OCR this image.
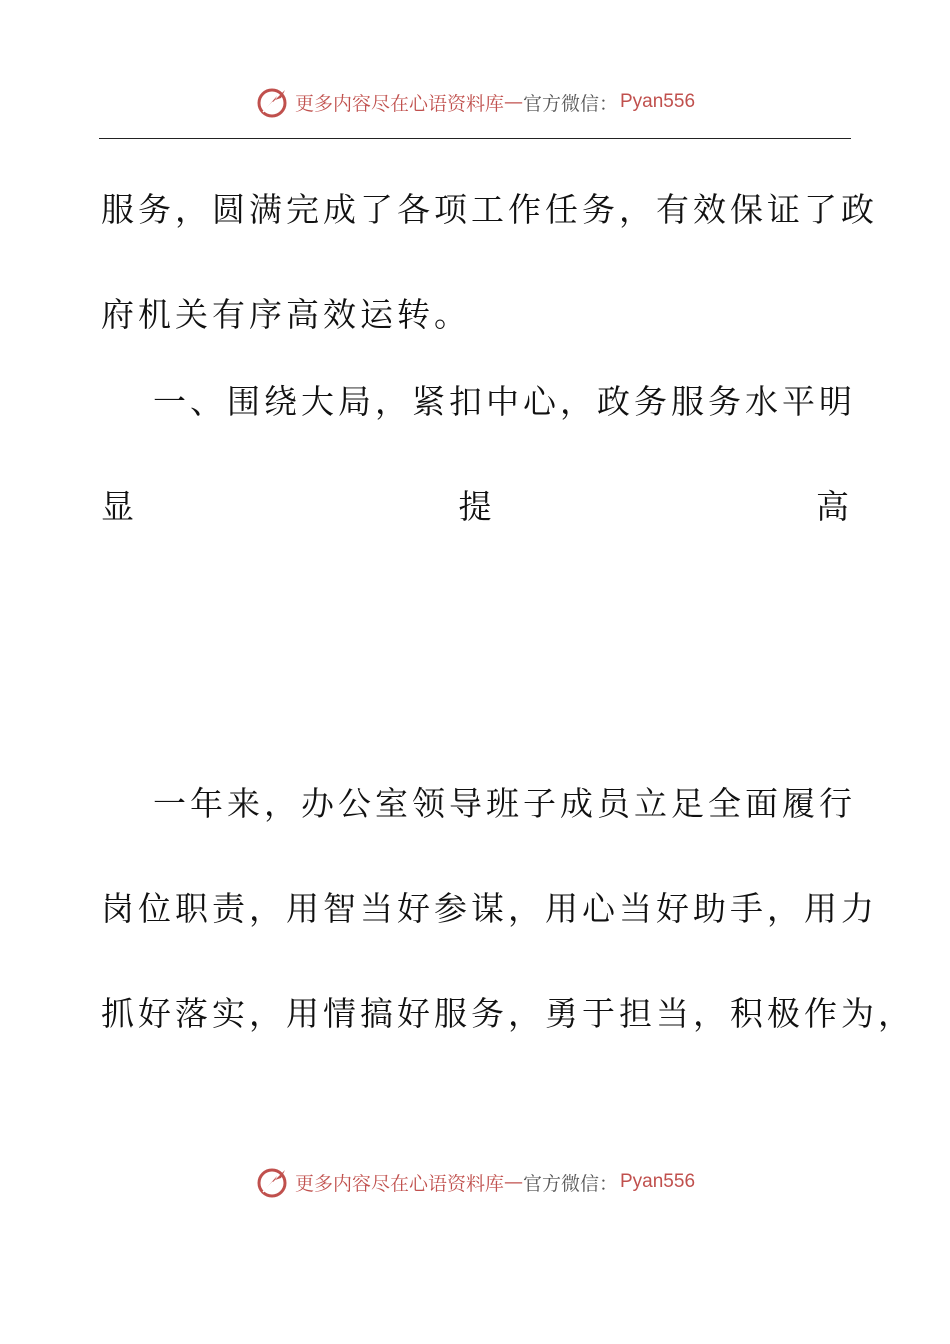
更多内容尽在心语资料库 — 官方微信： Pyan556
服务，圆满完成了各项工作任务，有效保证了政
府机关有序高效运转。
一、围绕大局，紧扣中心，政务服务水平明
显	提	高
一年来，办公室领导班子成员立足全面履行
岗位职责，用智当好参谋，用心当好助手，用力
抓好落实，用情搞好服务，勇于担当，积极作为，
更多内容尽在心语资料库 — 官方微信： Pyan556
